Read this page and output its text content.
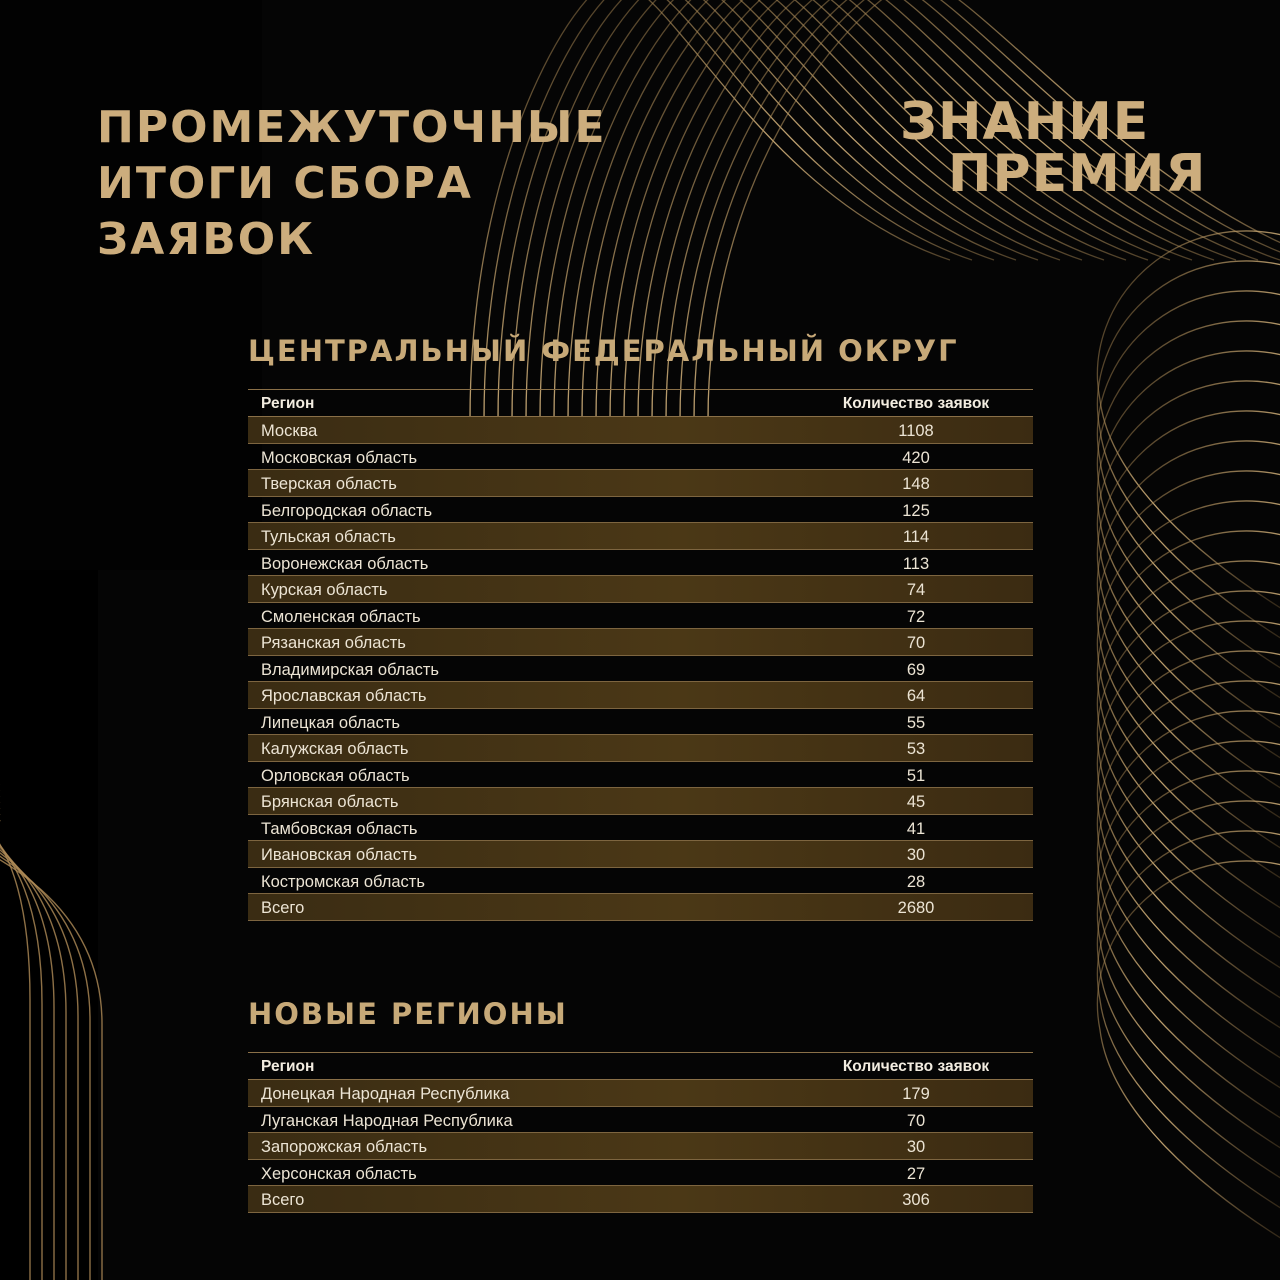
ПРОМЕЖУТОЧНЫЕ
ИТОГИ СБОРА
ЗАЯВОК
ЗНАНИЕ
ПРЕМИЯ
ЦЕНТРАЛЬНЫЙ ФЕДЕРАЛЬНЫЙ ОКРУГ
Регион	Количество заявок
Москва	1108
Московская область	420
Тверская область	148
Белгородская область	125
Тульская область	114
Воронежская область	113
Курская область	74
Смоленская область	72
Рязанская область	70
Владимирская область	69
Ярославская область	64
Липецкая область	55
Калужская область	53
Орловская область	51
Брянская область	45
Тамбовская область	41
Ивановская область	30
Костромская область	28
Всего	2680
НОВЫЕ РЕГИОНЫ
Регион	Количество заявок
Донецкая Народная Республика	179
Луганская Народная Республика	70
Запорожская область	30
Херсонская область	27
Всего	306
